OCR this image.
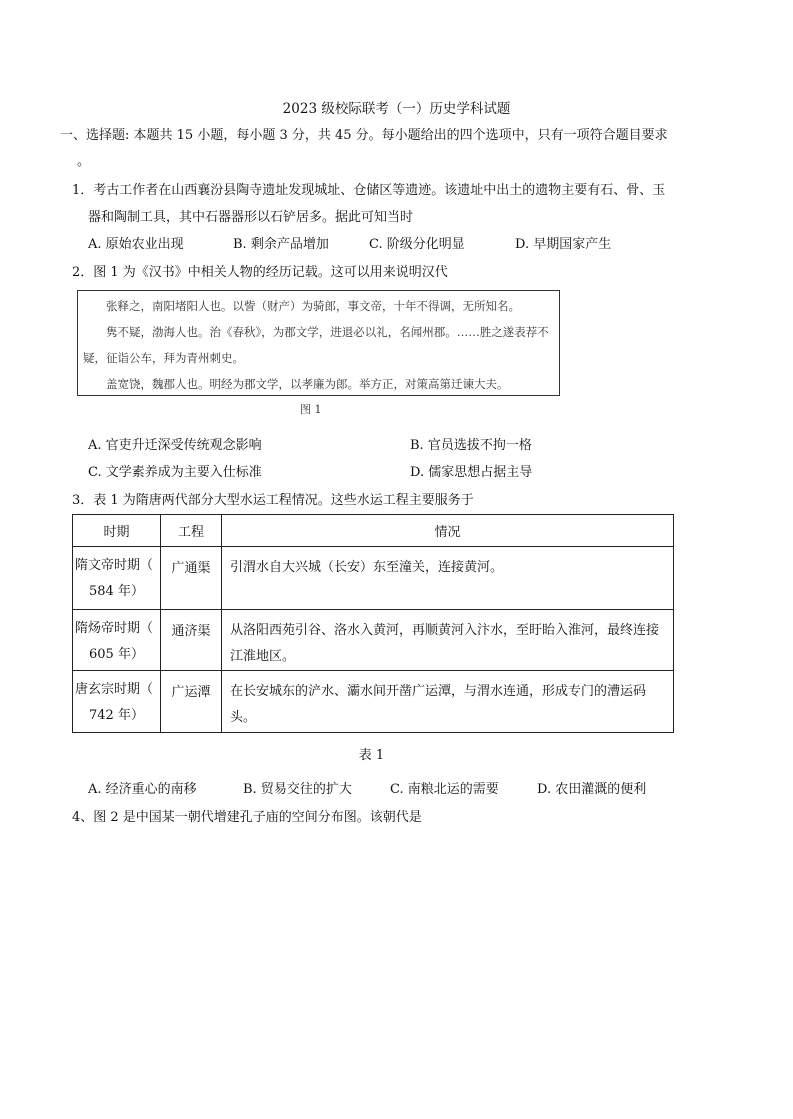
2023 级校际联考（一）历史学科试题
一、选择题: 本题共 15 小题，每小题 3 分，共 45 分。每小题给出的四个选项中，只有一项符合题目要求
。
1．考古工作者在山西襄汾县陶寺遗址发现城址、仓储区等遗迹。该遗址中出土的遗物主要有石、骨、玉
器和陶制工具，其中石器器形以石铲居多。据此可知当时
A. 原始农业出现	B. 剩余产品增加	C. 阶级分化明显	D. 早期国家产生
2．图 1 为《汉书》中相关人物的经历记载。这可以用来说明汉代
张释之，南阳堵阳人也。以訾（财产）为骑郎，事文帝，十年不得调，无所知名。
隽不疑，渤海人也。治《春秋》，为郡文学，进退必以礼，名闻州郡。……胜之遂表荐不
疑，征诣公车，拜为青州刺史。
盖宽饶，魏郡人也。明经为郡文学，以孝廉为郎。举方正，对策高第迁谏大夫。
图 1
A. 官吏升迁深受传统观念影响	B. 官员选拔不拘一格
C. 文学素养成为主要入仕标准	D. 儒家思想占据主导
3．表 1 为隋唐两代部分大型水运工程情况。这些水运工程主要服务于
时期	工程	情况

隋文帝时期（
584 年）	广通渠	引渭水自大兴城（长安）东至潼关，连接黄河。

隋炀帝时期（
605 年）	通济渠	从洛阳西苑引谷、洛水入黄河，再顺黄河入汴水，至盱眙入淮河，最终连接江淮地区。

唐玄宗时期（
742 年）	广运潭	在长安城东的浐水、灞水间开凿广运潭，与渭水连通，形成专门的漕运码头。
表 1
A. 经济重心的南移	B. 贸易交往的扩大	C. 南粮北运的需要	D. 农田灌溉的便利
4、图 2 是中国某一朝代增建孔子庙的空间分布图。该朝代是
